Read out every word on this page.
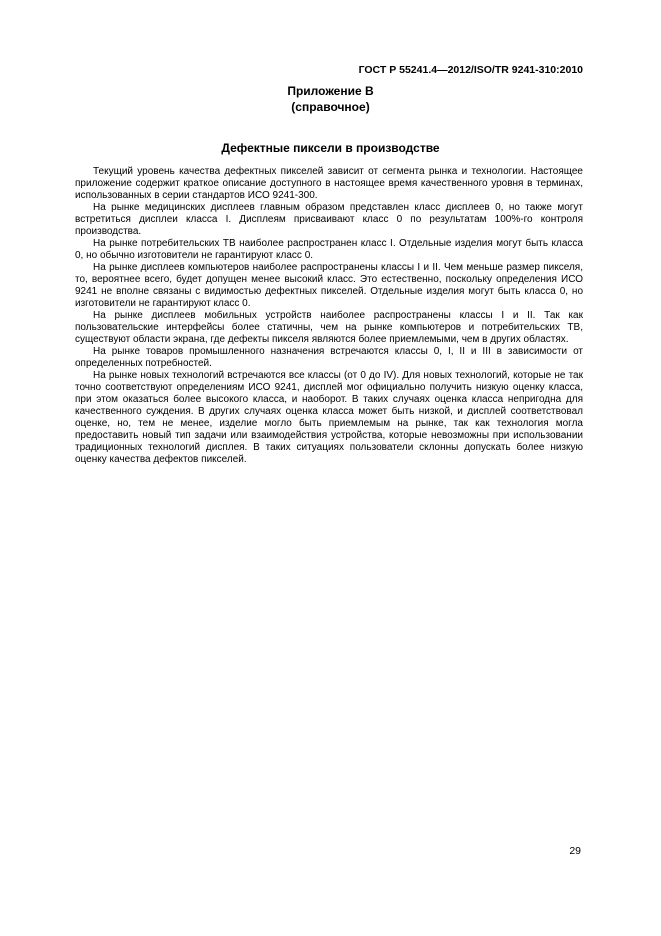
ГОСТ Р 55241.4—2012/ISO/TR 9241-310:2010

Приложение В

(справочное)

Дефектные пиксели в производстве

Текущий уровень качества дефектных пикселей зависит от сегмента рынка и технологии. Настоящее приложение содержит краткое описание доступного в настоящее время качественного уровня в терминах, использованных в серии стандартов ИСО 9241-300.

На рынке медицинских дисплеев главным образом представлен класс дисплеев 0, но также могут встретиться дисплеи класса I. Дисплеям присваивают класс 0 по результатам 100%-го контроля производства.

На рынке потребительских ТВ наиболее распространен класс I. Отдельные изделия могут быть класса 0, но обычно изготовители не гарантируют класс 0.

На рынке дисплеев компьютеров наиболее распространены классы I и II. Чем меньше размер пикселя, то, вероятнее всего, будет допущен менее высокий класс. Это естественно, поскольку определения ИСО 9241 не вполне связаны с видимостью дефектных пикселей. Отдельные изделия могут быть класса 0, но изготовители не гарантируют класс 0.

На рынке дисплеев мобильных устройств наиболее распространены классы I и II. Так как пользовательские интерфейсы более статичны, чем на рынке компьютеров и потребительских ТВ, существуют области экрана, где дефекты пикселя являются более приемлемыми, чем в других областях.

На рынке товаров промышленного назначения встречаются классы 0, I, II и III в зависимости от определенных потребностей.

На рынке новых технологий встречаются все классы (от 0 до IV). Для новых технологий, которые не так точно соответствуют определениям ИСО 9241, дисплей мог официально получить низкую оценку класса, при этом оказаться более высокого класса, и наоборот. В таких случаях оценка класса непригодна для качественного суждения. В других случаях оценка класса может быть низкой, и дисплей соответствовал оценке, но, тем не менее, изделие могло быть приемлемым на рынке, так как технология могла предоставить новый тип задачи или взаимодействия устройства, которые невозможны при использовании традиционных технологий дисплея. В таких ситуациях пользователи склонны допускать более низкую оценку качества дефектов пикселей.

29
